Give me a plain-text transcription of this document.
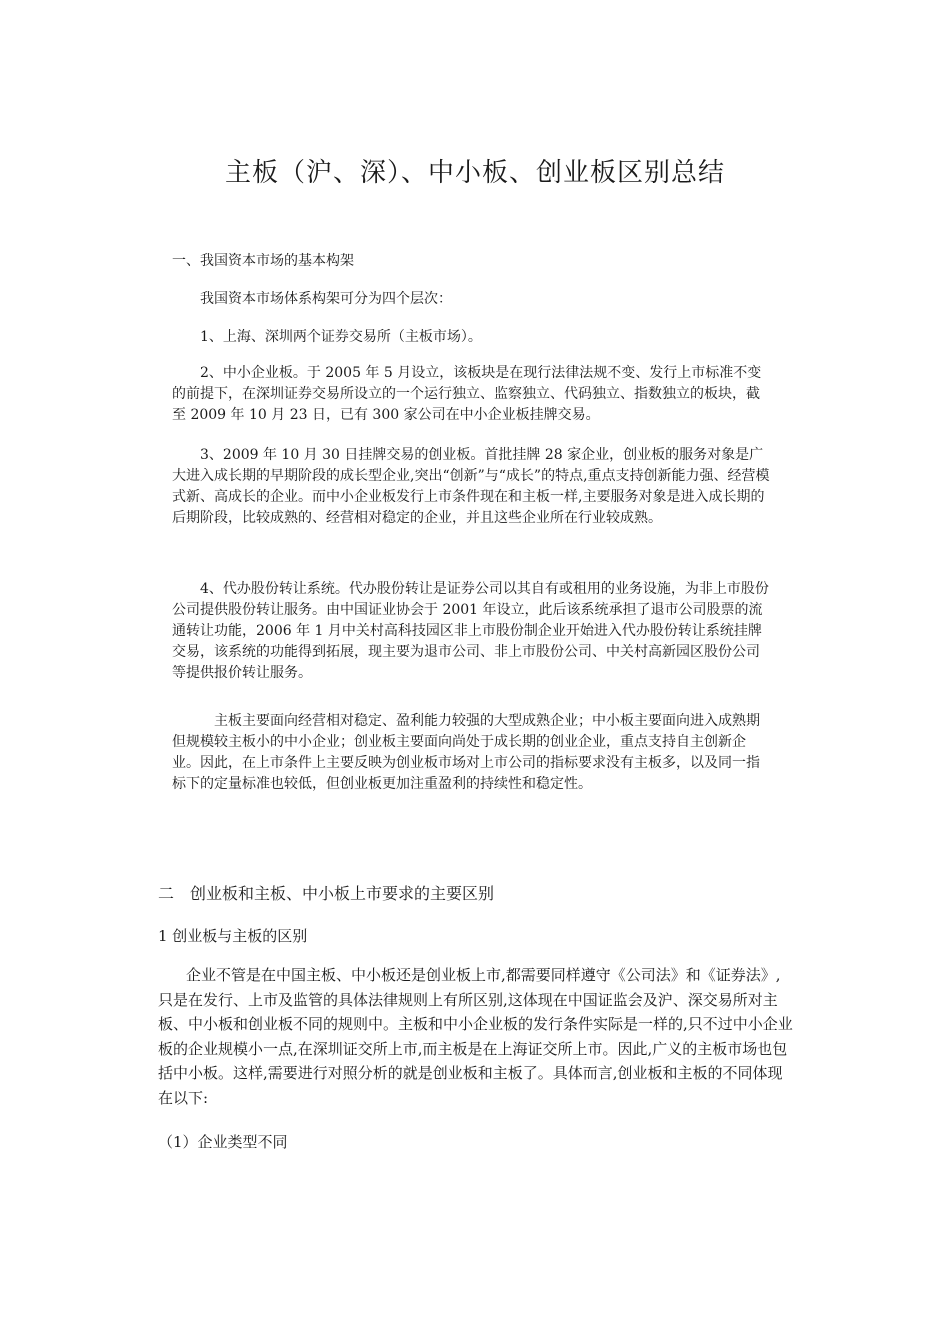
主板（沪、深）、中小板、创业板区别总结

一、我国资本市场的基本构架

我国资本市场体系构架可分为四个层次：

1、上海、深圳两个证券交易所（主板市场）。

2、中小企业板。于 2005 年 5 月设立，该板块是在现行法律法规不变、发行上市标准不变的前提下，在深圳证券交易所设立的一个运行独立、监察独立、代码独立、指数独立的板块，截至 2009 年 10 月 23 日，已有 300 家公司在中小企业板挂牌交易。

3、2009 年 10 月 30 日挂牌交易的创业板。首批挂牌 28 家企业，创业板的服务对象是广大进入成长期的早期阶段的成长型企业,突出“创新”与“成长”的特点,重点支持创新能力强、经营模式新、高成长的企业。而中小企业板发行上市条件现在和主板一样,主要服务对象是进入成长期的后期阶段，比较成熟的、经营相对稳定的企业，并且这些企业所在行业较成熟。

4、代办股份转让系统。代办股份转让是证券公司以其自有或租用的业务设施，为非上市股份公司提供股份转让服务。由中国证业协会于 2001 年设立，此后该系统承担了退市公司股票的流通转让功能，2006 年 1 月中关村高科技园区非上市股份制企业开始进入代办股份转让系统挂牌交易，该系统的功能得到拓展，现主要为退市公司、非上市股份公司、中关村高新园区股份公司等提供报价转让服务。

主板主要面向经营相对稳定、盈利能力较强的大型成熟企业；中小板主要面向进入成熟期但规模较主板小的中小企业；创业板主要面向尚处于成长期的创业企业，重点支持自主创新企业。因此，在上市条件上主要反映为创业板市场对上市公司的指标要求没有主板多，以及同一指标下的定量标准也较低，但创业板更加注重盈利的持续性和稳定性。

二　创业板和主板、中小板上市要求的主要区别

1 创业板与主板的区别

企业不管是在中国主板、中小板还是创业板上市,都需要同样遵守《公司法》和《证券法》,只是在发行、上市及监管的具体法律规则上有所区别,这体现在中国证监会及沪、深交易所对主板、中小板和创业板不同的规则中。主板和中小企业板的发行条件实际是一样的,只不过中小企业板的企业规模小一点,在深圳证交所上市,而主板是在上海证交所上市。因此,广义的主板市场也包括中小板。这样,需要进行对照分析的就是创业板和主板了。具体而言,创业板和主板的不同体现在以下:

（1）企业类型不同
